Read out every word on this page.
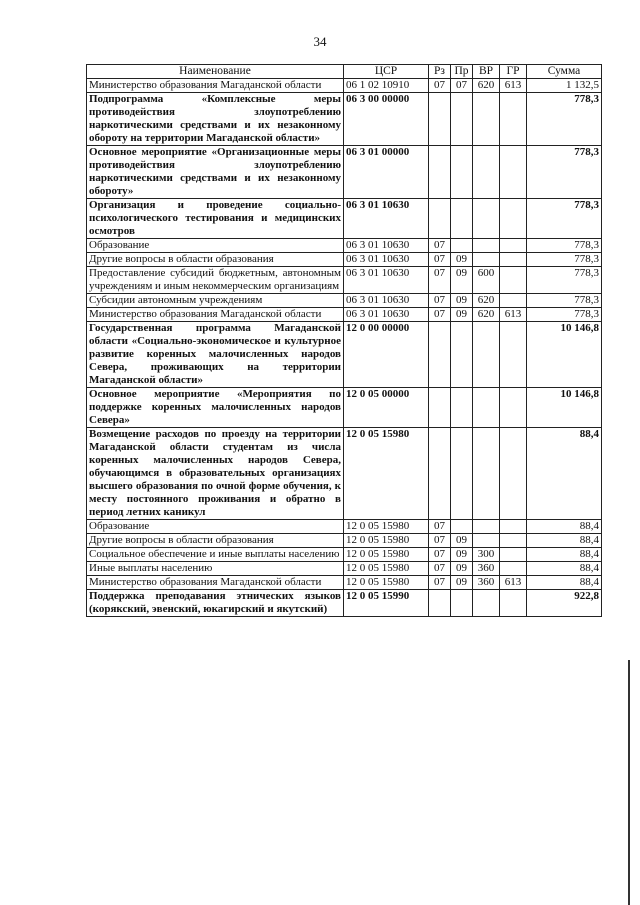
34
Наименование	ЦСР	Рз	Пр	ВР	ГР	Сумма
Министерство образования Магаданской области	06 1 02 10910	07	07	620	613	1 132,5
Подпрограмма «Комплексные меры противодействия злоупотреблению наркотическими средствами и их незаконному обороту на территории Магаданской области»	06 3 00 00000					778,3
Основное мероприятие «Организационные меры противодействия злоупотреблению наркотическими средствами и их незаконному обороту»	06 3 01 00000					778,3
Организация и проведение социально-психологического тестирования и медицинских осмотров	06 3 01 10630					778,3
Образование	06 3 01 10630	07				778,3
Другие вопросы в области образования	06 3 01 10630	07	09			778,3
Предоставление субсидий бюджетным, автономным учреждениям и иным некоммерческим организациям	06 3 01 10630	07	09	600		778,3
Субсидии автономным учреждениям	06 3 01 10630	07	09	620		778,3
Министерство образования Магаданской области	06 3 01 10630	07	09	620	613	778,3
Государственная программа Магаданской области «Социально-экономическое и культурное развитие коренных малочисленных народов Севера, проживающих на территории Магаданской области»	12 0 00 00000					10 146,8
Основное мероприятие «Мероприятия по поддержке коренных малочисленных народов Севера»	12 0 05 00000					10 146,8
Возмещение расходов по проезду на территории Магаданской области студентам из числа коренных малочисленных народов Севера, обучающимся в образовательных организациях высшего образования по очной форме обучения, к месту постоянного проживания и обратно в период летних каникул	12 0 05 15980					88,4
Образование	12 0 05 15980	07				88,4
Другие вопросы в области образования	12 0 05 15980	07	09			88,4
Социальное обеспечение и иные выплаты населению	12 0 05 15980	07	09	300		88,4
Иные выплаты населению	12 0 05 15980	07	09	360		88,4
Министерство образования Магаданской области	12 0 05 15980	07	09	360	613	88,4
Поддержка преподавания этнических языков (корякский, эвенский, юкагирский и якутский)	12 0 05 15990					922,8
